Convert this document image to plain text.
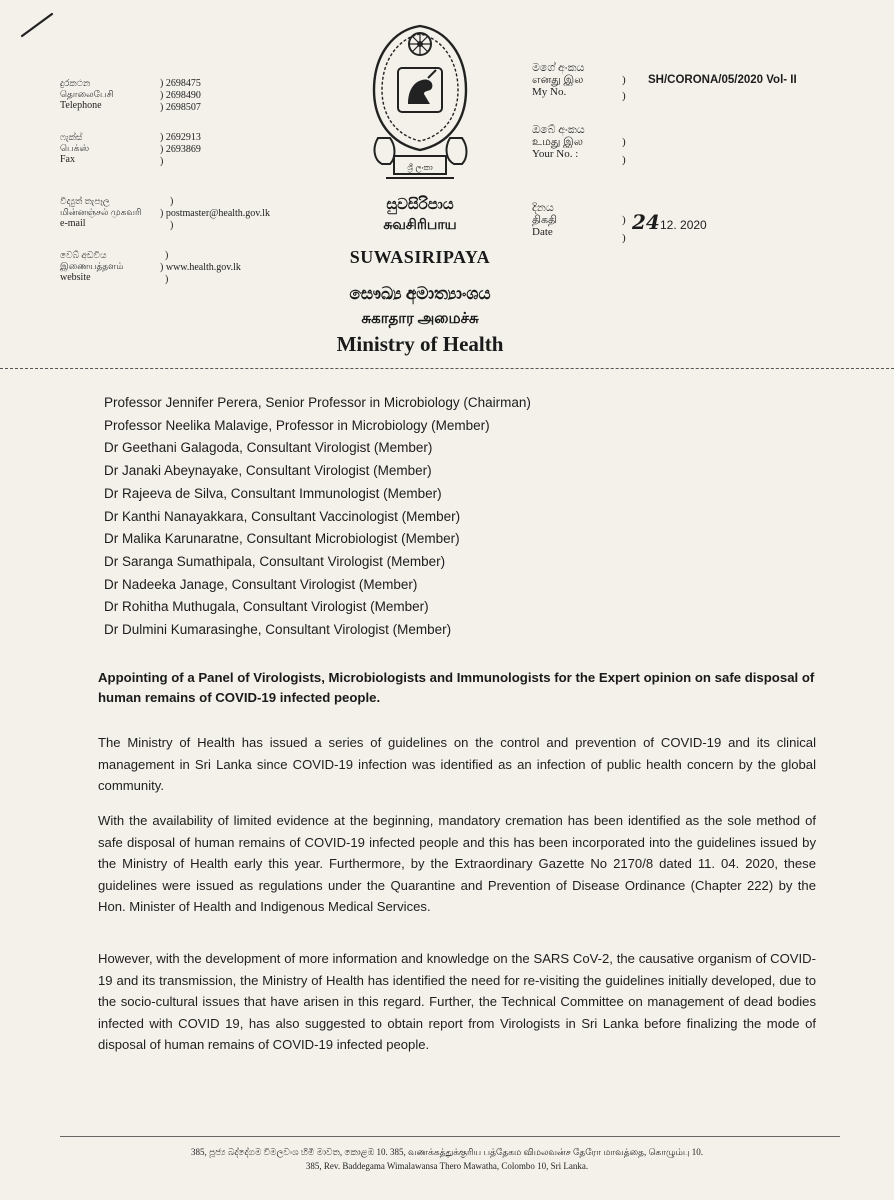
දුරකථන
தொலைபேசி
Telephone
) 2698475
) 2698490
) 2698507
ෆැක්ස්
பெக்ஸ்
Fax
) 2692913
) 2693869
)
විද්‍යුත් තැපෑල
மின்னஞ்சல் முகவரி
e-mail
)
) postmaster@health.gov.lk
)
වෙබ් අඩවිය
இணையத்தளம்
website
)
) www.health.gov.lk
)
ශ්‍රී ලංකා
සුවසිරිපාය
சுவசிரிபாய
SUWASIRIPAYA
සෞඛ්‍ය අමාත්‍යාංශය
சுகாதார அமைச்சு
Ministry of Health
මගේ අංකය
எனது இல
My No.
)
)
SH/CORONA/05/2020 Vol- II
ඔබේ අංකය
உமது இல
Your No. :
)
)
දිනය
திகதி
Date
)
)
24 12. 2020
Professor Jennifer Perera, Senior Professor in Microbiology (Chairman)
Professor Neelika Malavige, Professor in Microbiology (Member)
Dr Geethani Galagoda, Consultant Virologist (Member)
Dr Janaki Abeynayake, Consultant Virologist (Member)
Dr Rajeeva de Silva, Consultant Immunologist (Member)
Dr Kanthi Nanayakkara, Consultant Vaccinologist (Member)
Dr Malika Karunaratne, Consultant Microbiologist (Member)
Dr Saranga Sumathipala, Consultant Virologist (Member)
Dr Nadeeka Janage, Consultant Virologist (Member)
Dr Rohitha Muthugala, Consultant Virologist (Member)
Dr Dulmini Kumarasinghe, Consultant Virologist (Member)
Appointing of a Panel of Virologists, Microbiologists and Immunologists for the Expert opinion on safe disposal of human remains of COVID-19 infected people.
The Ministry of Health has issued a series of guidelines on the control and prevention of COVID-19 and its clinical management in Sri Lanka since COVID-19 infection was identified as an infection of public health concern by the global community.
With the availability of limited evidence at the beginning, mandatory cremation has been identified as the sole method of safe disposal of human remains of COVID-19 infected people and this has been incorporated into the guidelines issued by the Ministry of Health early this year. Furthermore, by the Extraordinary Gazette No 2170/8 dated 11. 04. 2020, these guidelines were issued as regulations under the Quarantine and Prevention of Disease Ordinance (Chapter 222) by the Hon. Minister of Health and Indigenous Medical Services.
However, with the development of more information and knowledge on the SARS CoV-2, the causative organism of COVID-19 and its transmission, the Ministry of Health has identified the need for re-visiting the guidelines initially developed, due to the socio-cultural issues that have arisen in this regard. Further, the Technical Committee on management of dead bodies infected with COVID 19, has also suggested to obtain report from Virologists in Sri Lanka before finalizing the mode of disposal of human remains of COVID-19 infected people.
385, පූජ්‍ය බද්දේගම විමලවංශ හිමි මාවත, කොළඹ 10. 385, வணக்கத்துக்குரிய பத்தேகம விமலவன்ச தேரோ மாவத்தை, கொழும்பு 10.
385, Rev. Baddegama Wimalawansa Thero Mawatha, Colombo 10, Sri Lanka.
